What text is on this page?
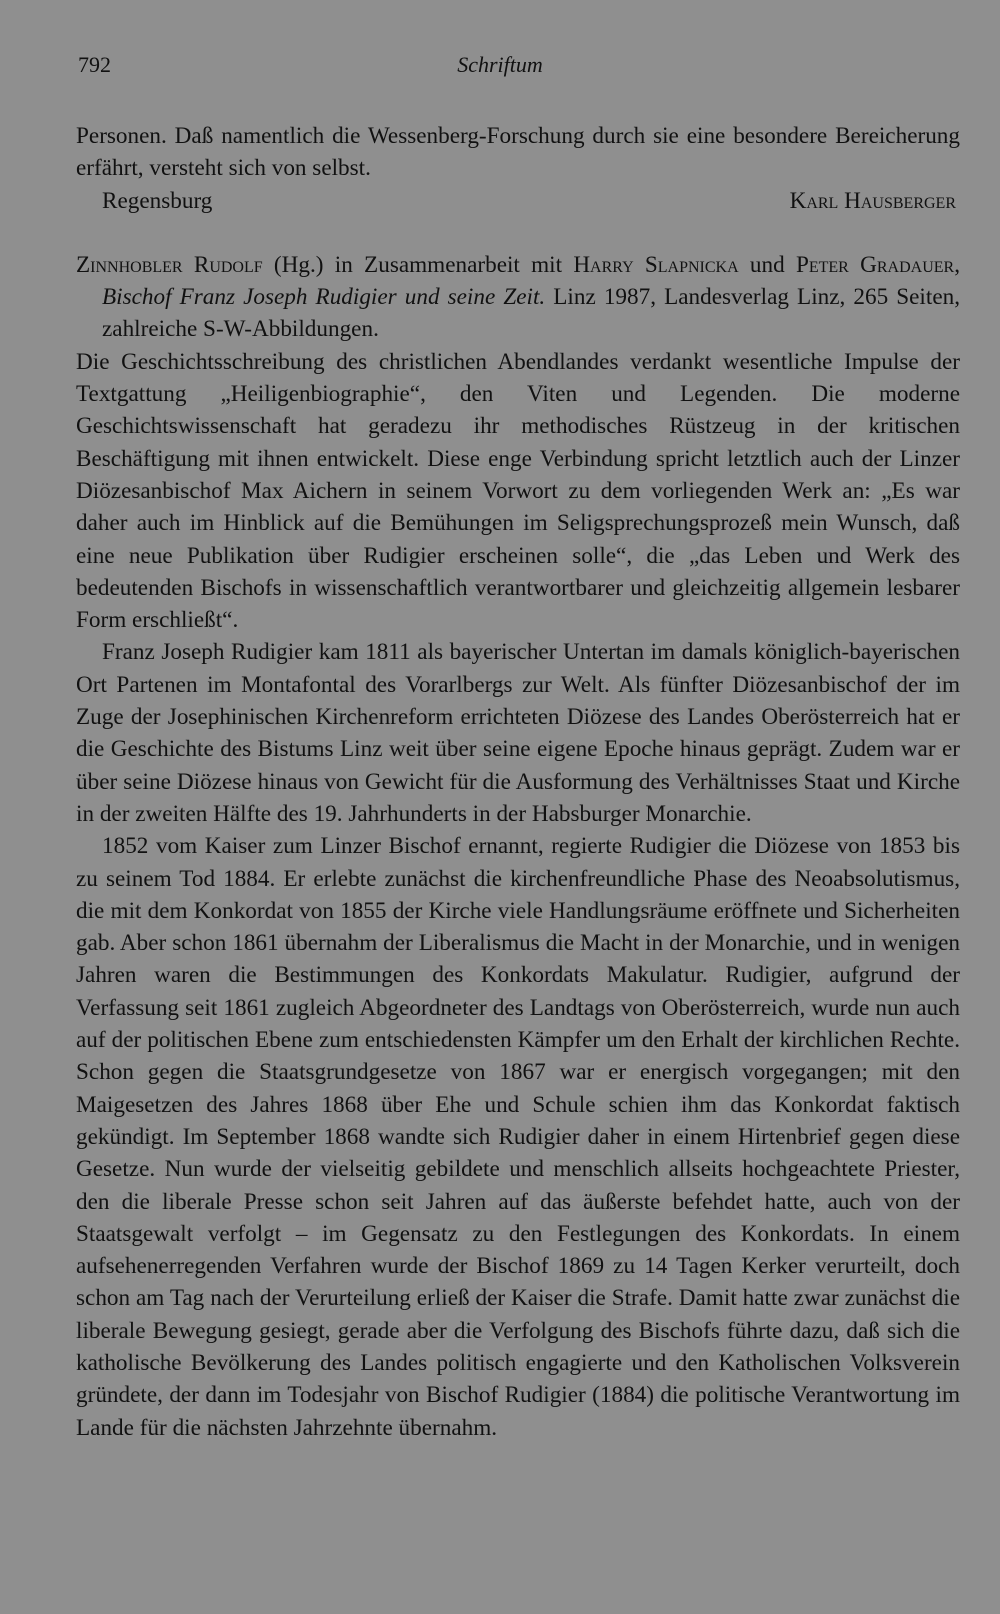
792	Schriftum

Personen. Daß namentlich die Wessenberg-Forschung durch sie eine besondere Bereicherung erfährt, versteht sich von selbst.

Regensburg	Karl Hausberger

Zinnhobler Rudolf (Hg.) in Zusammenarbeit mit Harry Slapnicka und Peter Gradauer, Bischof Franz Joseph Rudigier und seine Zeit. Linz 1987, Landesverlag Linz, 265 Seiten, zahlreiche S-W-Abbildungen.

Die Geschichtsschreibung des christlichen Abendlandes verdankt wesentliche Impulse der Textgattung „Heiligenbiographie“, den Viten und Legenden. Die moderne Geschichtswissenschaft hat geradezu ihr methodisches Rüstzeug in der kritischen Beschäftigung mit ihnen entwickelt. Diese enge Verbindung spricht letztlich auch der Linzer Diözesanbischof Max Aichern in seinem Vorwort zu dem vorliegenden Werk an: „Es war daher auch im Hinblick auf die Bemühungen im Seligsprechungsprozeß mein Wunsch, daß eine neue Publikation über Rudigier erscheinen solle“, die „das Leben und Werk des bedeutenden Bischofs in wissenschaftlich verantwortbarer und gleichzeitig allgemein lesbarer Form erschließt“.

Franz Joseph Rudigier kam 1811 als bayerischer Untertan im damals königlich-bayerischen Ort Partenen im Montafontal des Vorarlbergs zur Welt. Als fünfter Diözesanbischof der im Zuge der Josephinischen Kirchenreform errichteten Diözese des Landes Oberösterreich hat er die Geschichte des Bistums Linz weit über seine eigene Epoche hinaus geprägt. Zudem war er über seine Diözese hinaus von Gewicht für die Ausformung des Verhältnisses Staat und Kirche in der zweiten Hälfte des 19. Jahrhunderts in der Habsburger Monarchie.

1852 vom Kaiser zum Linzer Bischof ernannt, regierte Rudigier die Diözese von 1853 bis zu seinem Tod 1884. Er erlebte zunächst die kirchenfreundliche Phase des Neoabsolutismus, die mit dem Konkordat von 1855 der Kirche viele Handlungsräume eröffnete und Sicherheiten gab. Aber schon 1861 übernahm der Liberalismus die Macht in der Monarchie, und in wenigen Jahren waren die Bestimmungen des Konkordats Makulatur. Rudigier, aufgrund der Verfassung seit 1861 zugleich Abgeordneter des Landtags von Oberösterreich, wurde nun auch auf der politischen Ebene zum entschiedensten Kämpfer um den Erhalt der kirchlichen Rechte. Schon gegen die Staatsgrundgesetze von 1867 war er energisch vorgegangen; mit den Maigesetzen des Jahres 1868 über Ehe und Schule schien ihm das Konkordat faktisch gekündigt. Im September 1868 wandte sich Rudigier daher in einem Hirtenbrief gegen diese Gesetze. Nun wurde der vielseitig gebildete und menschlich allseits hochgeachtete Priester, den die liberale Presse schon seit Jahren auf das äußerste befehdet hatte, auch von der Staatsgewalt verfolgt – im Gegensatz zu den Festlegungen des Konkordats. In einem aufsehenerregenden Verfahren wurde der Bischof 1869 zu 14 Tagen Kerker verurteilt, doch schon am Tag nach der Verurteilung erließ der Kaiser die Strafe. Damit hatte zwar zunächst die liberale Bewegung gesiegt, gerade aber die Verfolgung des Bischofs führte dazu, daß sich die katholische Bevölkerung des Landes politisch engagierte und den Katholischen Volksverein gründete, der dann im Todesjahr von Bischof Rudigier (1884) die politische Verantwortung im Lande für die nächsten Jahrzehnte übernahm.
